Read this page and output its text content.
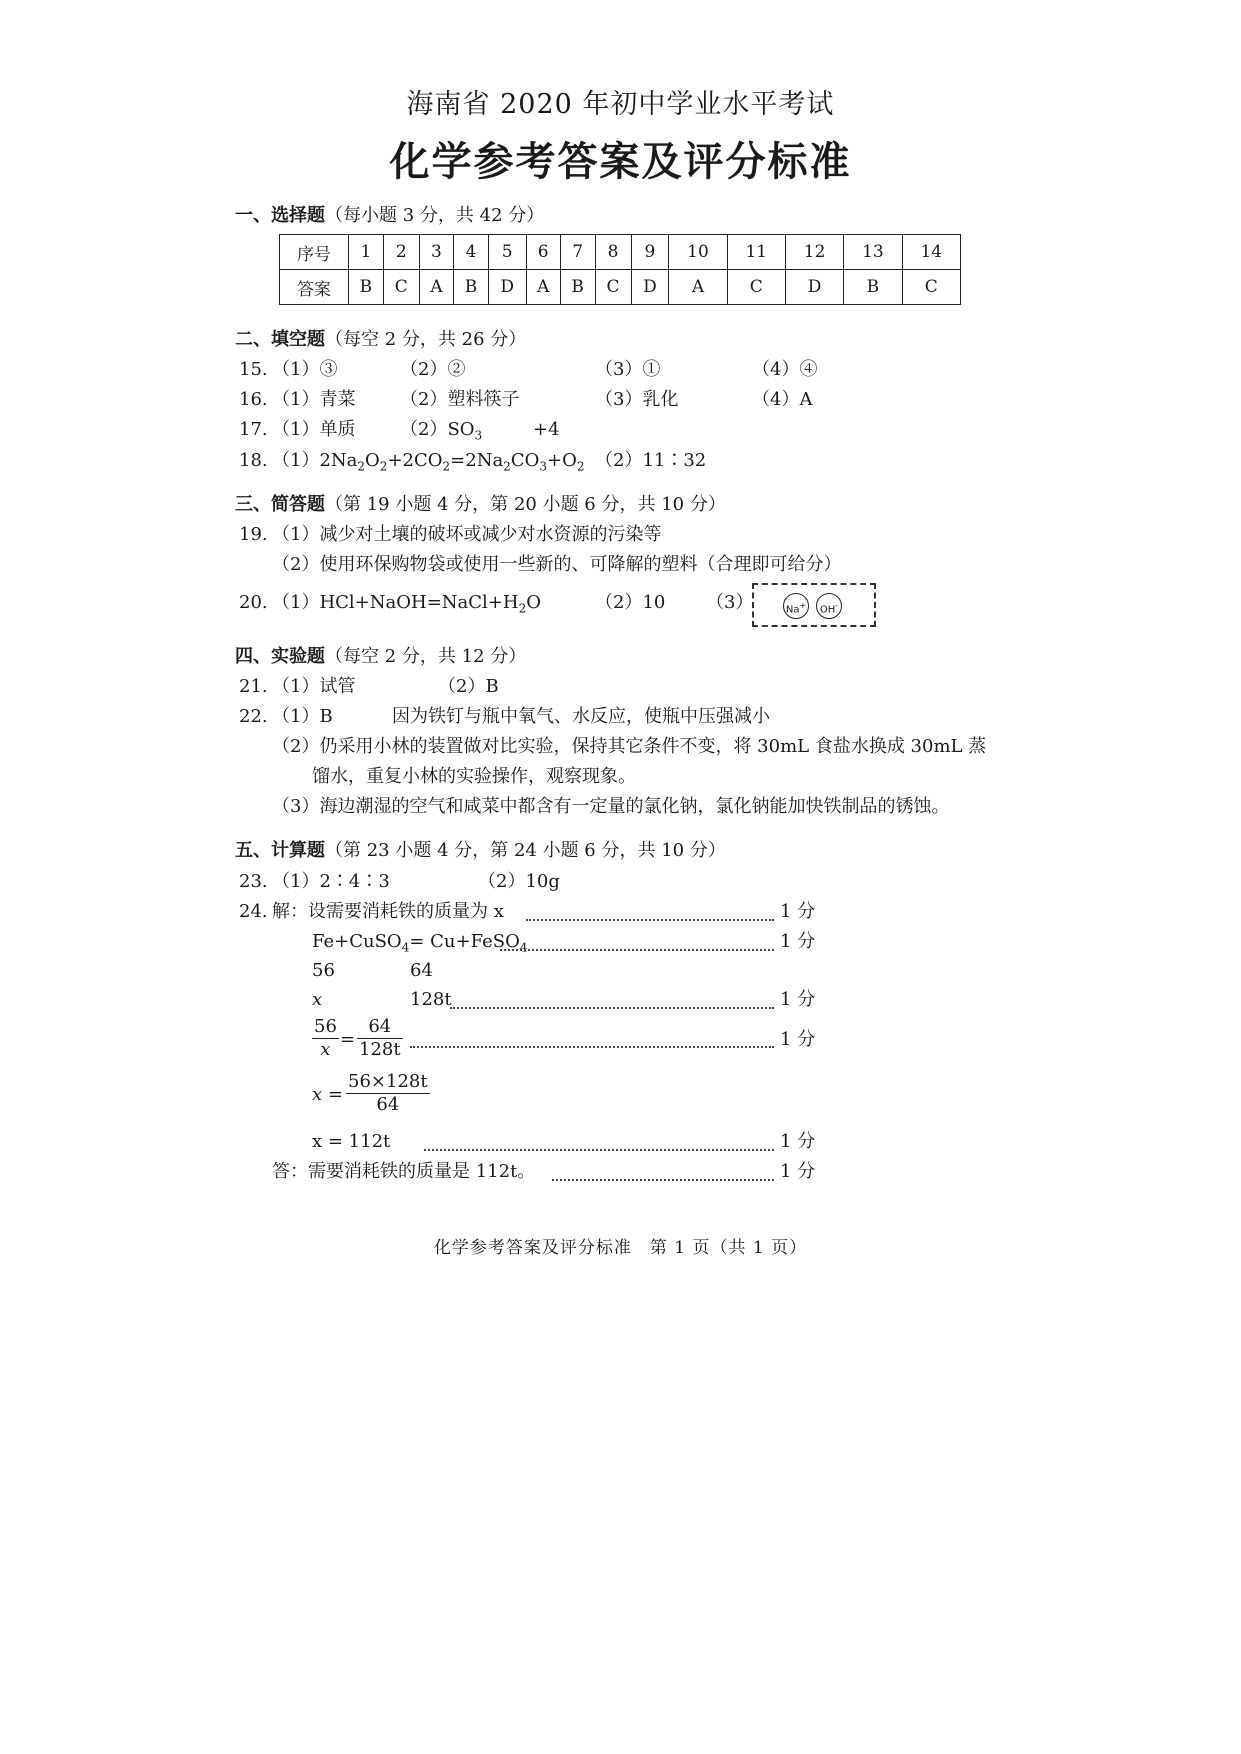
海南省 2020 年初中学业水平考试
化学参考答案及评分标准
一、选择题（每小题 3 分，共 42 分）
序号	1	2	3	4	5	6	7	8	9	10	11	12	13	14
答案	B	C	A	B	D	A	B	C	D	A	C	D	B	C
二、填空题（每空 2 分，共 26 分）
15. （1）③	（2）②	（3）①	（4）④
16. （1）青菜 （2）塑料筷子	（3）乳化	（4）A
17. （1）单质 $(2)SO_3$	+4
18. $(1)2Na_2O_2+2CO_2=2Na_2CO_3+O_2$ （2）11∶32
三、简答题（第 19 小题 4 分，第 20 小题 6 分，共 10 分）
19. （1）减少对土壤的破坏或减少对水资源的污染等
（2）使用环保购物袋或使用一些新的、可降解的塑料（合理即可给分）
20. $(1)HCl+NaOH=NaCl+H_2O$	（2）10 （3）	Na+	OH-
四、实验题（每空 2 分，共 12 分）
21. （1）试管	（2）B
22. （1）B	因为铁钉与瓶中氧气、水反应，使瓶中压强减小
（2）仍采用小林的装置做对比实验，保持其它条件不变，将 30mL 食盐水换成 30mL 蒸
馏水，重复小林的实验操作，观察现象。
（3）海边潮湿的空气和咸菜中都含有一定量的氯化钠，氯化钠能加快铁制品的锈蚀。
五、计算题（第 23 小题 4 分，第 24 小题 6 分，共 10 分）
23. （1）2∶4∶3	（2）10g
24. 解：设需要消耗铁的质量为 x	1 分
Fe+CuSO$_4$= Cu+FeSO$_4$	1 分
56	64
x	128t	1 分
$\frac{56}{x} = \frac{64}{128t}$	1 分
$x = \frac{56\times 128t}{64}$
x = 112t	1 分
答：需要消耗铁的质量是 112t。	1 分
化学参考答案及评分标准　第 1 页（共 1 页）
